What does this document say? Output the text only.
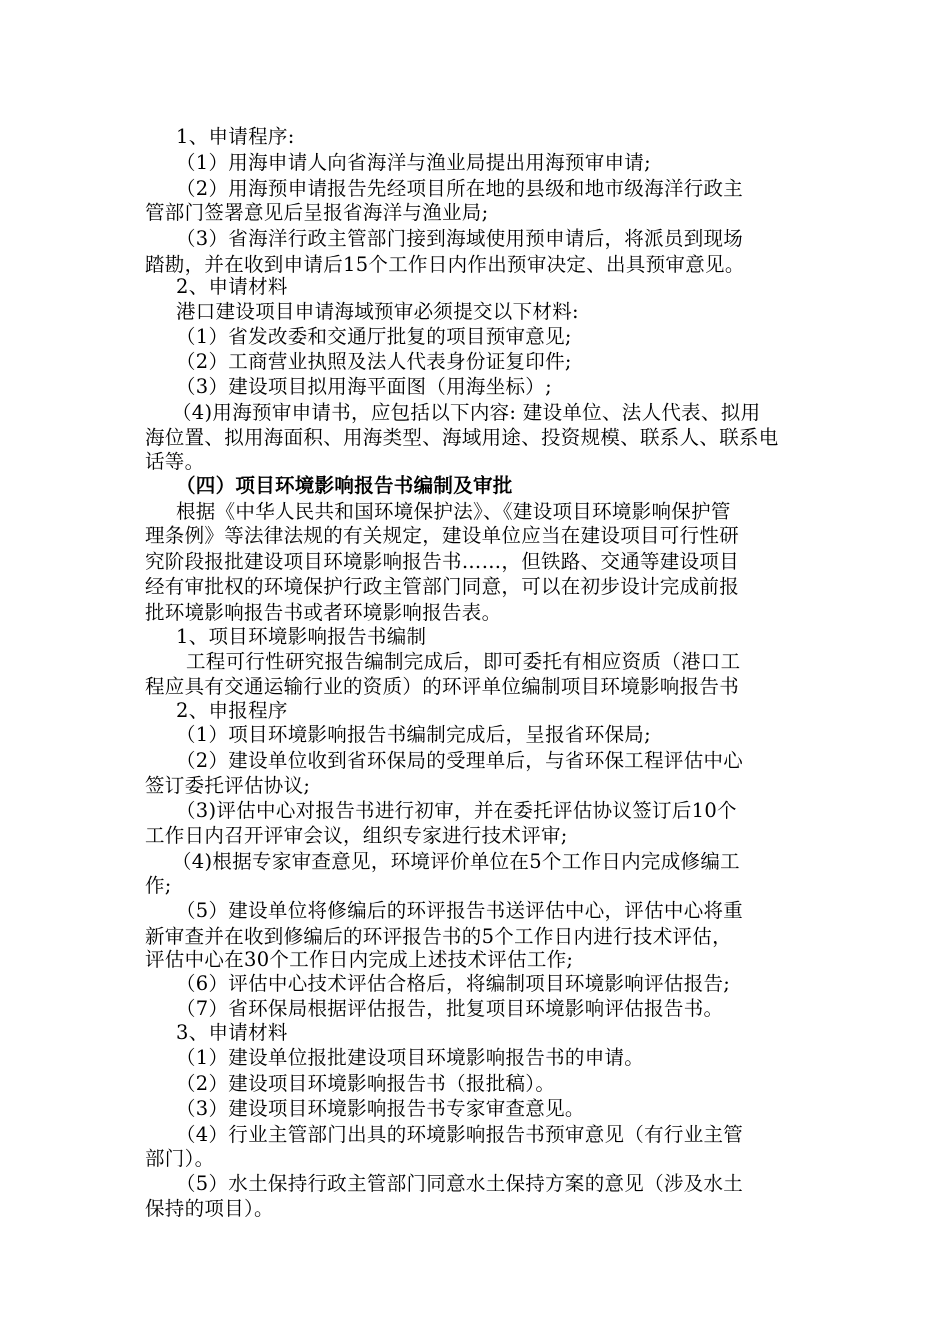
1、申请程序:
（1）用海申请人向省海洋与渔业局提出用海预审申请;
（2）用海预申请报告先经项目所在地的县级和地市级海洋行政主
管部门签署意见后呈报省海洋与渔业局;
（3）省海洋行政主管部门接到海域使用预申请后，将派员到现场
踏勘，并在收到申请后15个工作日内作出预审决定、出具预审意见。
2、申请材料
港口建设项目申请海域预审必须提交以下材料:
（1）省发改委和交通厅批复的项目预审意见;
（2）工商营业执照及法人代表身份证复印件;
（3）建设项目拟用海平面图（用海坐标）;
（4)用海预审申请书，应包括以下内容: 建设单位、法人代表、拟用
海位置、拟用海面积、用海类型、海域用途、投资规模、联系人、联系电
话等。
（四）项目环境影响报告书编制及审批
根据《中华人民共和国环境保护法》、《建设项目环境影响保护管
理条例》等法律法规的有关规定，建设单位应当在建设项目可行性研
究阶段报批建设项目环境影响报告书……，但铁路、交通等建设项目
经有审批权的环境保护行政主管部门同意，可以在初步设计完成前报
批环境影响报告书或者环境影响报告表。
1、项目环境影响报告书编制
工程可行性研究报告编制完成后，即可委托有相应资质（港口工
程应具有交通运输行业的资质）的环评单位编制项目环境影响报告书
2、申报程序
（1）项目环境影响报告书编制完成后，呈报省环保局;
（2）建设单位收到省环保局的受理单后，与省环保工程评估中心
签订委托评估协议;
（3)评估中心对报告书进行初审，并在委托评估协议签订后10个
工作日内召开评审会议，组织专家进行技术评审;
（4)根据专家审查意见，环境评价单位在5个工作日内完成修编工
作;
（5）建设单位将修编后的环评报告书送评估中心，评估中心将重
新审查并在收到修编后的环评报告书的5个工作日内进行技术评估，
评估中心在30个工作日内完成上述技术评估工作;
（6）评估中心技术评估合格后，将编制项目环境影响评估报告;
（7）省环保局根据评估报告，批复项目环境影响评估报告书。
3、申请材料
（1）建设单位报批建设项目环境影响报告书的申请。
（2）建设项目环境影响报告书（报批稿）。
（3）建设项目环境影响报告书专家审查意见。
（4）行业主管部门出具的环境影响报告书预审意见（有行业主管
部门）。
（5）水土保持行政主管部门同意水土保持方案的意见（涉及水土
保持的项目）。
